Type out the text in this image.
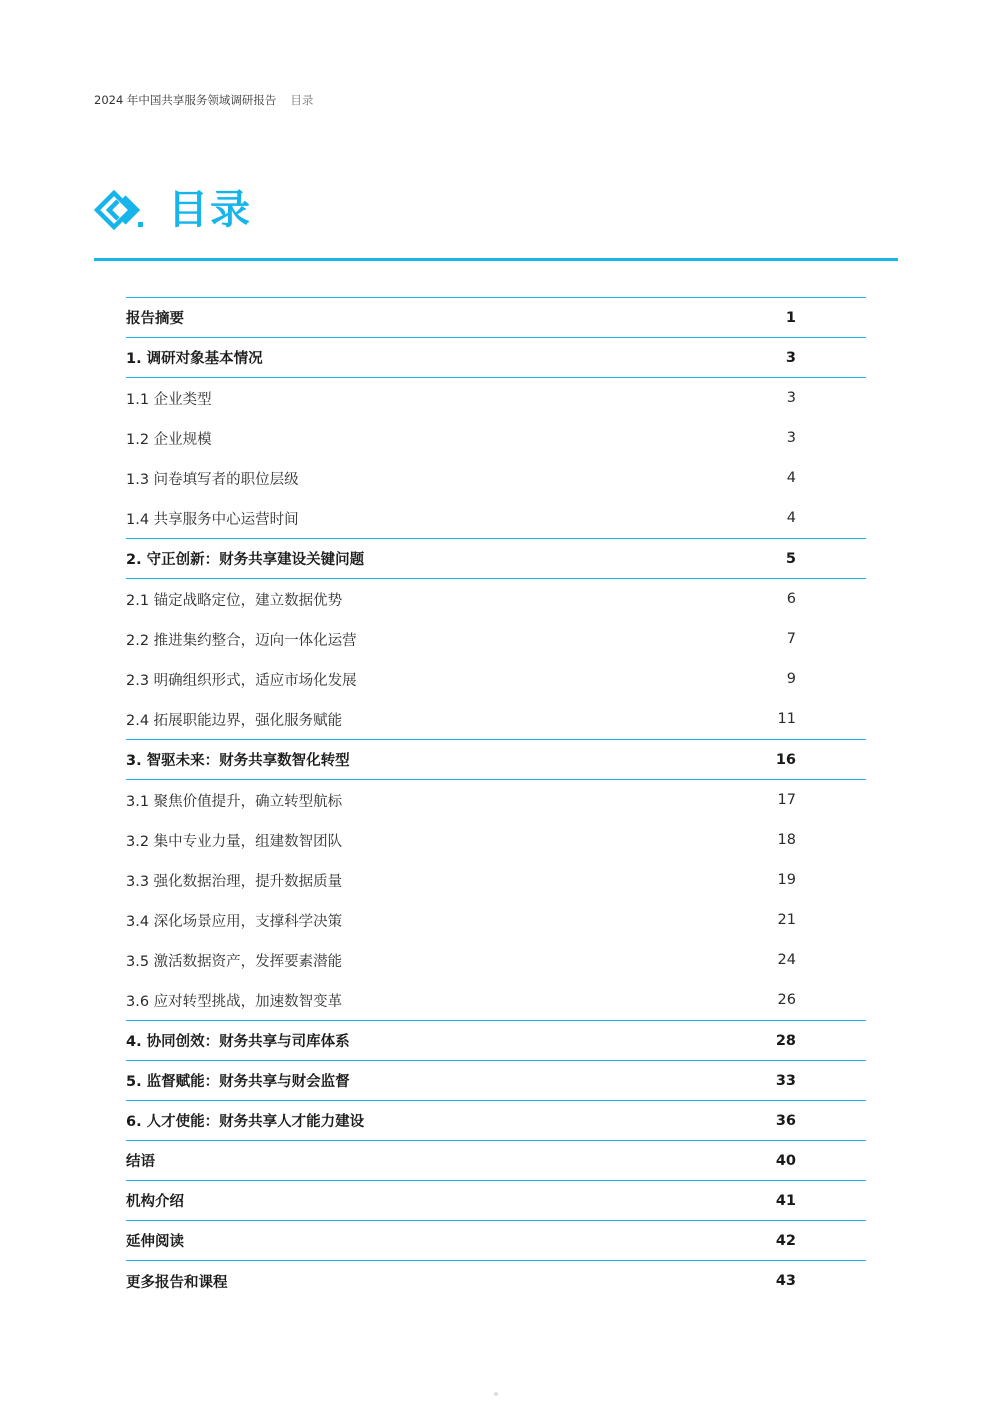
2024 年中国共享服务领域调研报告 目录
目录
报告摘要	1
1. 调研对象基本情况	3
1.1 企业类型	3
1.2 企业规模	3
1.3 问卷填写者的职位层级	4
1.4 共享服务中心运营时间	4
2. 守正创新：财务共享建设关键问题	5
2.1 锚定战略定位，建立数据优势	6
2.2 推进集约整合，迈向一体化运营	7
2.3 明确组织形式，适应市场化发展	9
2.4 拓展职能边界，强化服务赋能	11
3. 智驱未来：财务共享数智化转型	16
3.1 聚焦价值提升，确立转型航标	17
3.2 集中专业力量，组建数智团队	18
3.3 强化数据治理，提升数据质量	19
3.4 深化场景应用，支撑科学决策	21
3.5 激活数据资产，发挥要素潜能	24
3.6 应对转型挑战，加速数智变革	26
4. 协同创效：财务共享与司库体系	28
5. 监督赋能：财务共享与财会监督	33
6. 人才使能：财务共享人才能力建设	36
结语	40
机构介绍	41
延伸阅读	42
更多报告和课程	43
